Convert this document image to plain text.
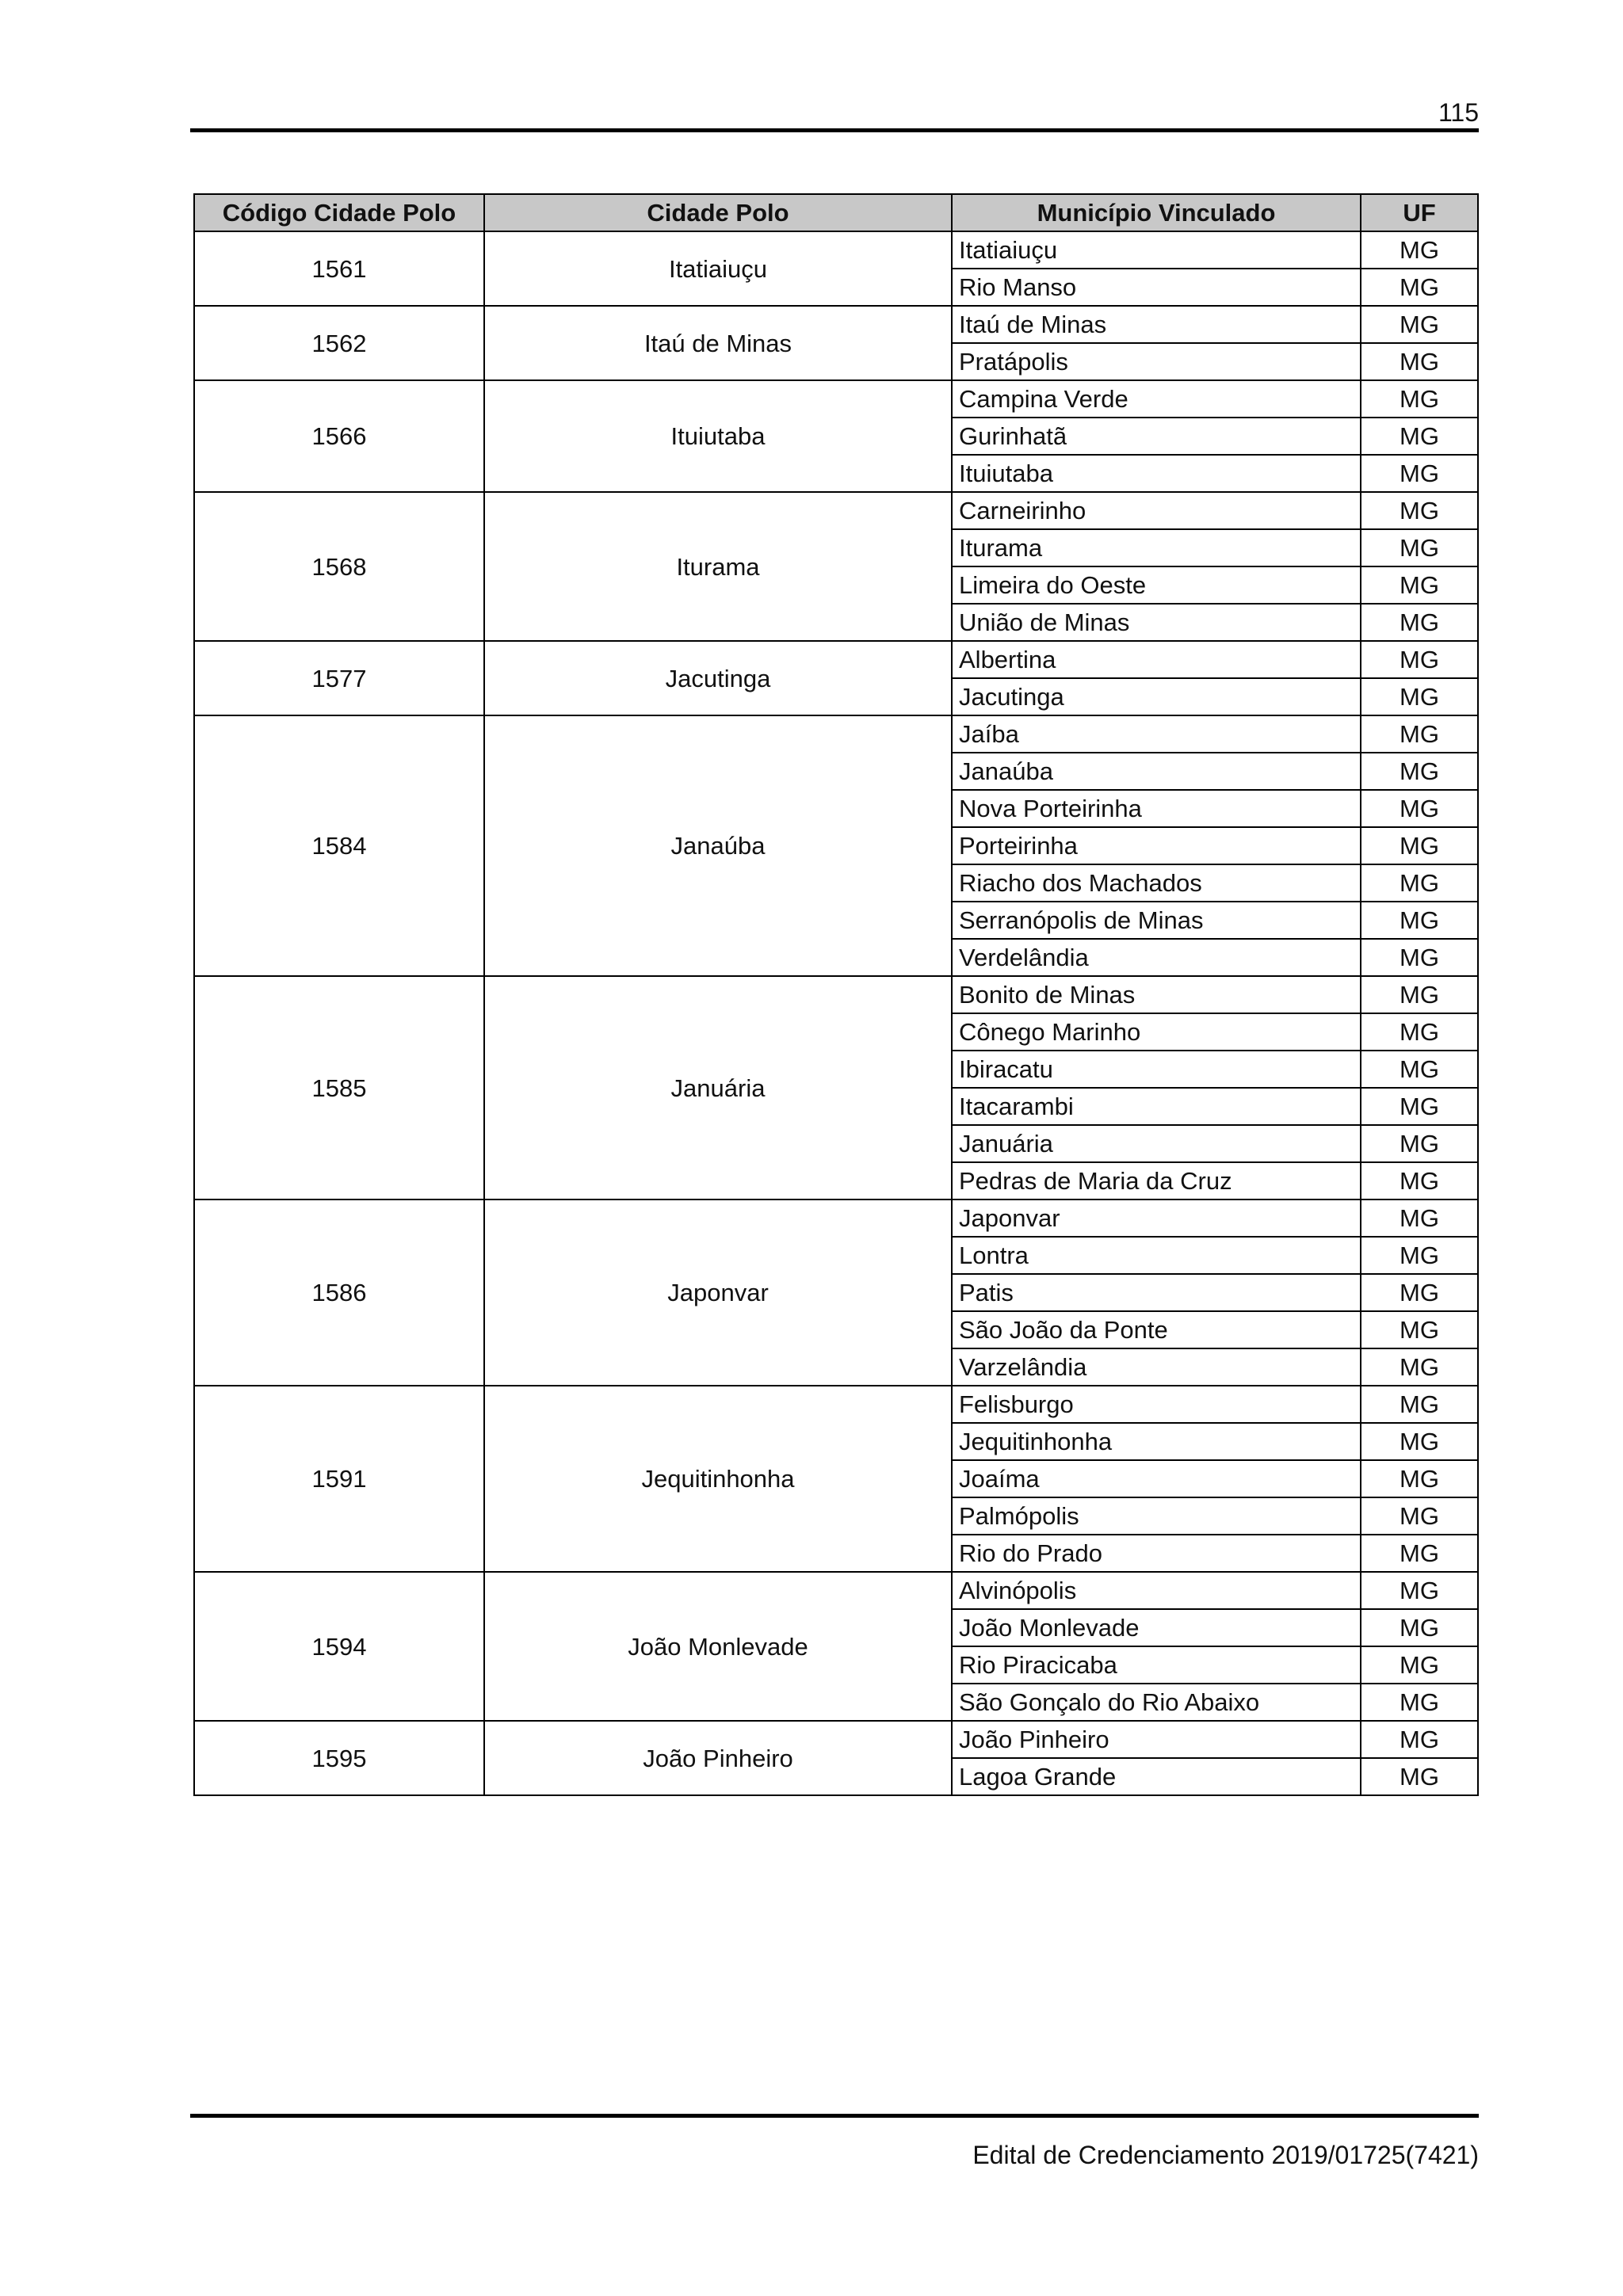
115
Código Cidade Polo	Cidade Polo	Município Vinculado	UF
1561	Itatiaiuçu	Itatiaiuçu	MG
		Rio Manso	MG
1562	Itaú de Minas	Itaú de Minas	MG
		Pratápolis	MG
1566	Ituiutaba	Campina Verde	MG
		Gurinhatã	MG
		Ituiutaba	MG
1568	Iturama	Carneirinho	MG
		Iturama	MG
		Limeira do Oeste	MG
		União de Minas	MG
1577	Jacutinga	Albertina	MG
		Jacutinga	MG
1584	Janaúba	Jaíba	MG
		Janaúba	MG
		Nova Porteirinha	MG
		Porteirinha	MG
		Riacho dos Machados	MG
		Serranópolis de Minas	MG
		Verdelândia	MG
1585	Januária	Bonito de Minas	MG
		Cônego Marinho	MG
		Ibiracatu	MG
		Itacarambi	MG
		Januária	MG
		Pedras de Maria da Cruz	MG
1586	Japonvar	Japonvar	MG
		Lontra	MG
		Patis	MG
		São João da Ponte	MG
		Varzelândia	MG
1591	Jequitinhonha	Felisburgo	MG
		Jequitinhonha	MG
		Joaíma	MG
		Palmópolis	MG
		Rio do Prado	MG
1594	João Monlevade	Alvinópolis	MG
		João Monlevade	MG
		Rio Piracicaba	MG
		São Gonçalo do Rio Abaixo	MG
1595	João Pinheiro	João Pinheiro	MG
		Lagoa Grande	MG
Edital de Credenciamento 2019/01725(7421)
